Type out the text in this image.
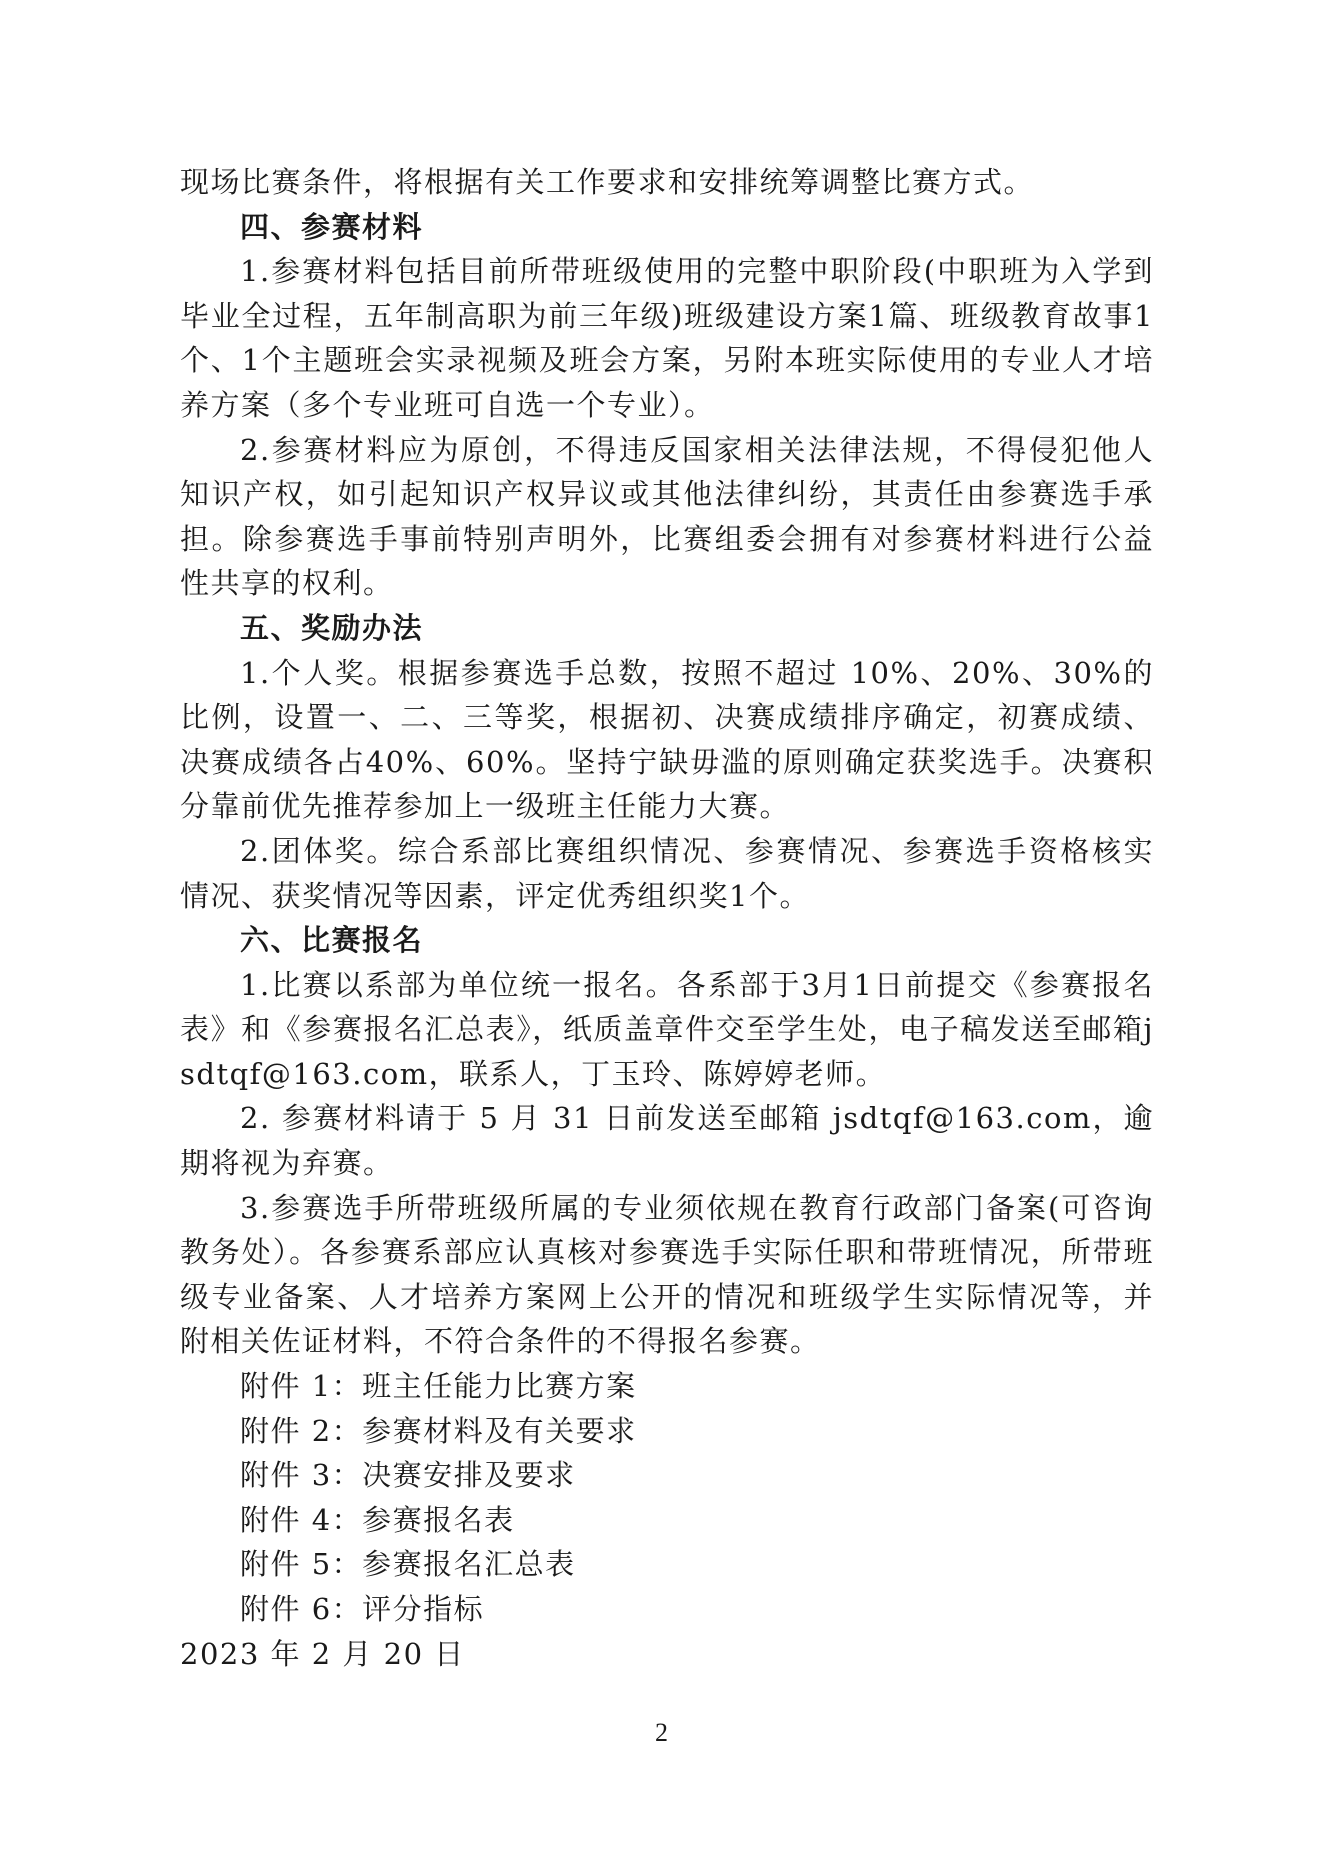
现场比赛条件，将根据有关工作要求和安排统筹调整比赛方式。

四、参赛材料

1.参赛材料包括目前所带班级使用的完整中职阶段(中职班为入学到毕业全过程，五年制高职为前三年级)班级建设方案1篇、班级教育故事1个、1个主题班会实录视频及班会方案，另附本班实际使用的专业人才培养方案（多个专业班可自选一个专业）。

2.参赛材料应为原创，不得违反国家相关法律法规，不得侵犯他人知识产权，如引起知识产权异议或其他法律纠纷，其责任由参赛选手承担。除参赛选手事前特别声明外，比赛组委会拥有对参赛材料进行公益性共享的权利。

五、奖励办法

1.个人奖。根据参赛选手总数，按照不超过 10%、20%、30%的比例，设置一、二、三等奖，根据初、决赛成绩排序确定，初赛成绩、决赛成绩各占40%、60%。坚持宁缺毋滥的原则确定获奖选手。决赛积分靠前优先推荐参加上一级班主任能力大赛。

2.团体奖。综合系部比赛组织情况、参赛情况、参赛选手资格核实情况、获奖情况等因素，评定优秀组织奖1个。

六、比赛报名

1.比赛以系部为单位统一报名。各系部于3月1日前提交《参赛报名表》和《参赛报名汇总表》，纸质盖章件交至学生处，电子稿发送至邮箱jsdtqf@163.com，联系人，丁玉玲、陈婷婷老师。

2. 参赛材料请于 5 月 31 日前发送至邮箱 jsdtqf@163.com，逾期将视为弃赛。

3.参赛选手所带班级所属的专业须依规在教育行政部门备案(可咨询教务处）。各参赛系部应认真核对参赛选手实际任职和带班情况，所带班级专业备案、人才培养方案网上公开的情况和班级学生实际情况等，并附相关佐证材料，不符合条件的不得报名参赛。

附件 1：班主任能力比赛方案

附件 2：参赛材料及有关要求

附件 3：决赛安排及要求

附件 4：参赛报名表

附件 5：参赛报名汇总表

附件 6：评分指标

2023 年 2 月 20 日

2
